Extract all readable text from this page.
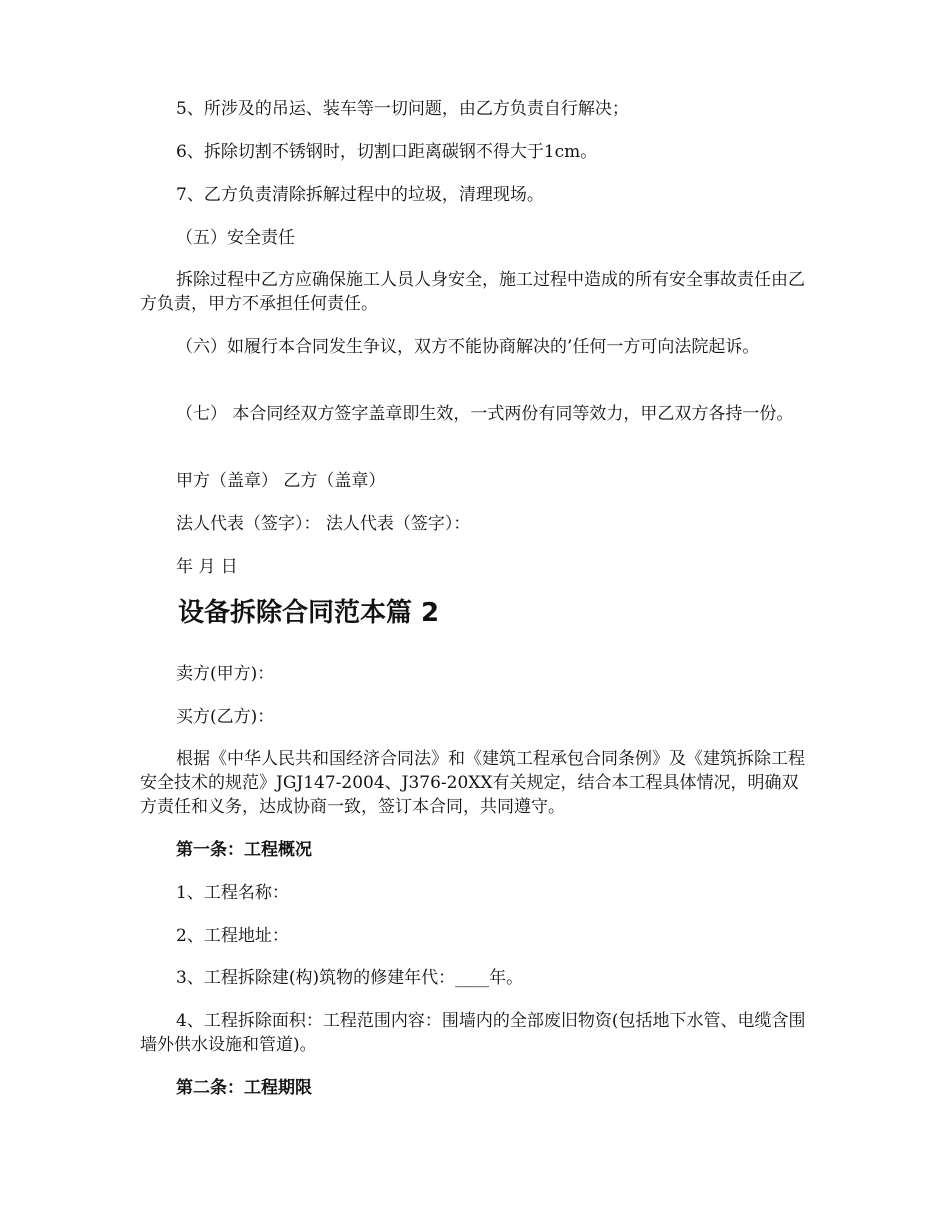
5、所涉及的吊运、装车等一切问题，由乙方负责自行解决；
6、拆除切割不锈钢时，切割口距离碳钢不得大于1cm。
7、乙方负责清除拆解过程中的垃圾，清理现场。
（五）安全责任
拆除过程中乙方应确保施工人员人身安全，施工过程中造成的所有安全事故责任由乙方负责，甲方不承担任何责任。
（六）如履行本合同发生争议，双方不能协商解决的’任何一方可向法院起诉。
（七） 本合同经双方签字盖章即生效，一式两份有同等效力，甲乙双方各持一份。
甲方（盖章） 乙方（盖章）
法人代表（签字）： 法人代表（签字）：
年 月 日
设备拆除合同范本篇 2
卖方(甲方)：
买方(乙方)：
根据《中华人民共和国经济合同法》和《建筑工程承包合同条例》及《建筑拆除工程安全技术的规范》JGJ147-2004、J376-20XX有关规定，结合本工程具体情况，明确双方责任和义务，达成协商一致，签订本合同，共同遵守。
第一条：工程概况
1、工程名称：
2、工程地址：
3、工程拆除建(构)筑物的修建年代：____年。
4、工程拆除面积：工程范围内容：围墙内的全部废旧物资(包括地下水管、电缆含围墙外供水设施和管道)。
第二条：工程期限
